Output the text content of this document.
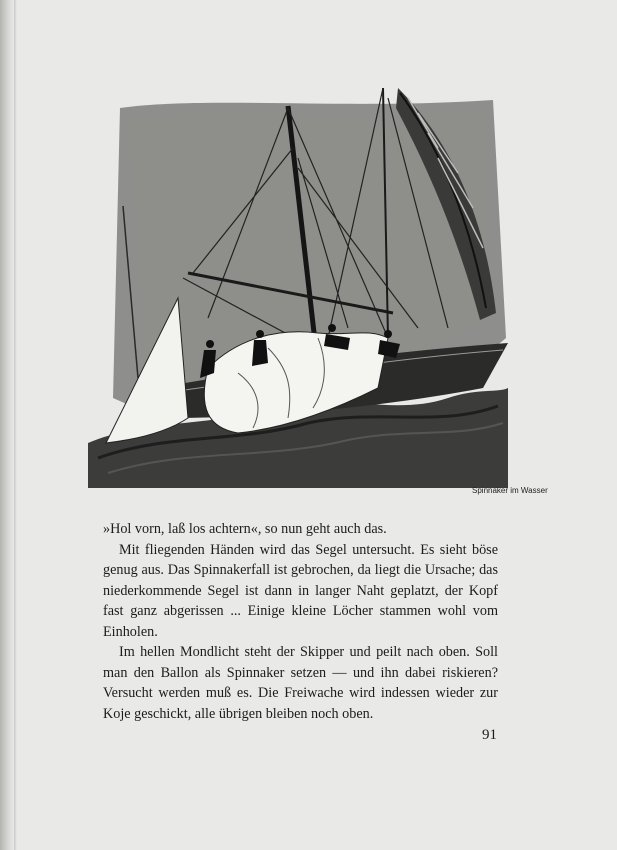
Spinnaker im Wasser

»Hol vorn, laß los achtern«, so nun geht auch das.

Mit fliegenden Händen wird das Segel untersucht. Es sieht böse genug aus. Das Spinnakerfall ist gebrochen, da liegt die Ursache; das niederkommende Segel ist dann in langer Naht geplatzt, der Kopf fast ganz abgerissen ... Einige kleine Löcher stammen wohl vom Einholen.

Im hellen Mondlicht steht der Skipper und peilt nach oben. Soll man den Ballon als Spinnaker setzen — und ihn dabei riskieren? Versucht werden muß es. Die Freiwache wird indessen wieder zur Koje geschickt, alle übrigen bleiben noch oben.

91
